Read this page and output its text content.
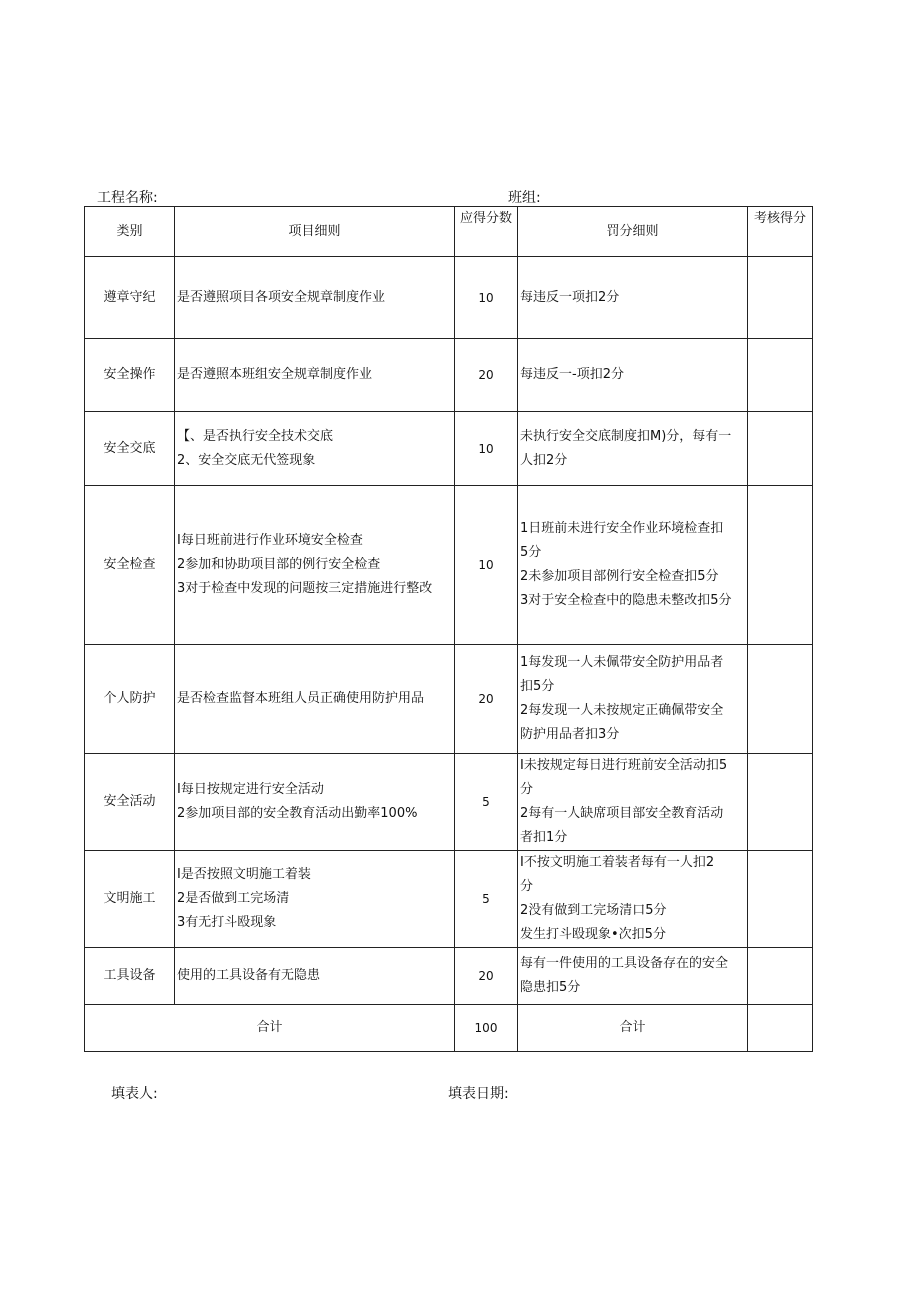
工程名称:	班组:
类别	项目细则	应得分数	罚分细则	考核得分
遵章守纪	是否遵照项目各项安全规章制度作业	10	每违反一项扣2分	

安全操作	是否遵照本班组安全规章制度作业	20	每违反一-项扣2分	

安全交底	【、是否执行安全技术交底
2、安全交底无代签现象	10	未执行安全交底制度扣M)分，每有一
人扣2分	

安全检查	I每日班前进行作业环境安全检查
2参加和协助项目部的例行安全检查
3对于检查中发现的问题按三定措施进行整改	10	1日班前未进行安全作业环境检查扣
5分
2未参加项目部例行安全检查扣5分
3对于安全检查中的隐患未整改扣5分	

个人防护	是否检查监督本班组人员正确使用防护用品	20	1每发现一人未佩带安全防护用品者
扣5分
2每发现一人未按规定正确佩带安全
防护用品者扣3分	

安全活动	I每日按规定进行安全活动
2参加项目部的安全教育活动出勤率100%	5	I未按规定每日进行班前安全活动扣5
分
2每有一人缺席项目部安全教育活动
者扣1分	

文明施工	I是否按照文明施工着装
2是否做到工完场清
3有无打斗殴现象	5	I不按文明施工着装者每有一人扣2
分
2没有做到工完场清口5分
发生打斗殴现象•次扣5分	

工具设备	使用的工具设备有无隐患	20	每有一件使用的工具设备存在的安全
隐患扣5分	

合计		100	合计	
填表人:	填表日期:
